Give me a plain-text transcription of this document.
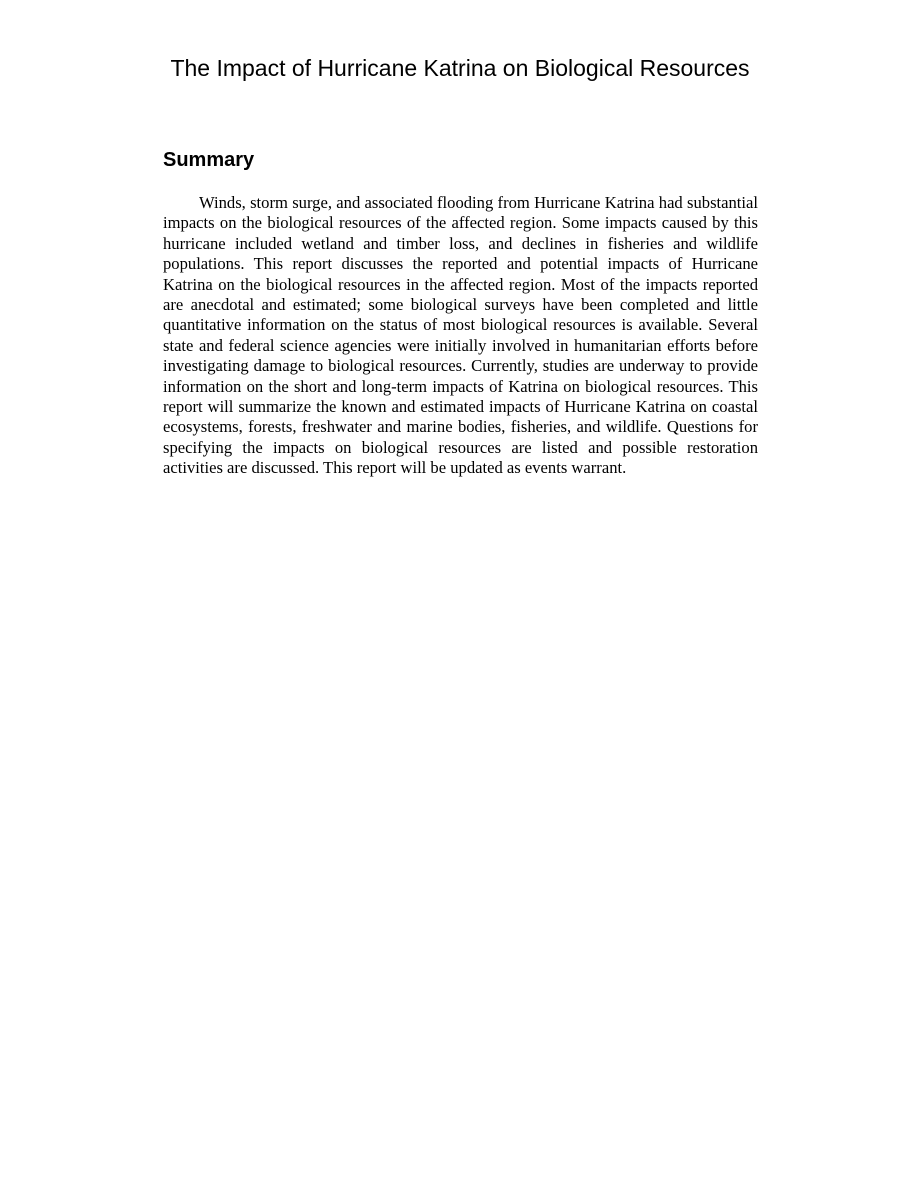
The Impact of Hurricane Katrina on Biological Resources
Summary

Winds, storm surge, and associated flooding from Hurricane Katrina had substantial impacts on the biological resources of the affected region. Some impacts caused by this hurricane included wetland and timber loss, and declines in fisheries and wildlife populations. This report discusses the reported and potential impacts of Hurricane Katrina on the biological resources in the affected region. Most of the impacts reported are anecdotal and estimated; some biological surveys have been completed and little quantitative information on the status of most biological resources is available. Several state and federal science agencies were initially involved in humanitarian efforts before investigating damage to biological resources. Currently, studies are underway to provide information on the short and long-term impacts of Katrina on biological resources. This report will summarize the known and estimated impacts of Hurricane Katrina on coastal ecosystems, forests, freshwater and marine bodies, fisheries, and wildlife. Questions for specifying the impacts on biological resources are listed and possible restoration activities are discussed. This report will be updated as events warrant.
